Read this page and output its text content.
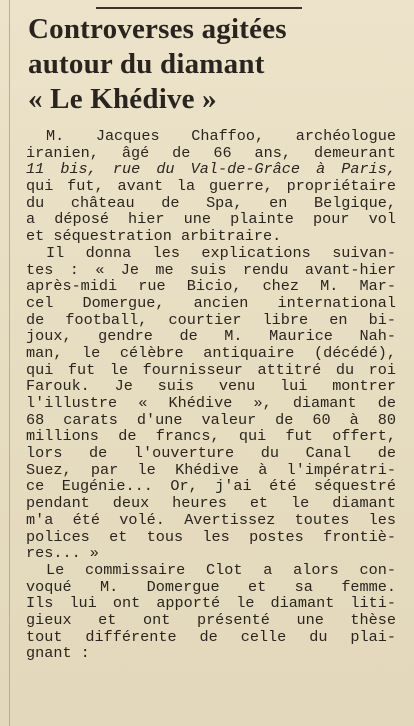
Controverses agitées
autour du diamant
« Le Khédive »
M. Jacques Chaffoo, archéologue
iranien, âgé de 66 ans, demeurant
11 bis, rue du Val-de-Grâce à Paris,
qui fut, avant la guerre, propriétaire
du château de Spa, en Belgique,
a déposé hier une plainte pour vol
et séquestration arbitraire.
Il donna les explications suivan-
tes : « Je me suis rendu avant-hier
après-midi rue Bicio, chez M. Mar-
cel Domergue, ancien international
de football, courtier libre en bi-
joux, gendre de M. Maurice Nah-
man, le célèbre antiquaire (décédé),
qui fut le fournisseur attitré du roi
Farouk. Je suis venu lui montrer
l'illustre « Khédive », diamant de
68 carats d'une valeur de 60 à 80
millions de francs, qui fut offert,
lors de l'ouverture du Canal de
Suez, par le Khédive à l'impératri-
ce Eugénie... Or, j'ai été séquestré
pendant deux heures et le diamant
m'a été volé. Avertissez toutes les
polices et tous les postes frontiè-
res... »
Le commissaire Clot a alors con-
voqué M. Domergue et sa femme.
Ils lui ont apporté le diamant liti-
gieux et ont présenté une thèse
tout différente de celle du plai-
gnant :
